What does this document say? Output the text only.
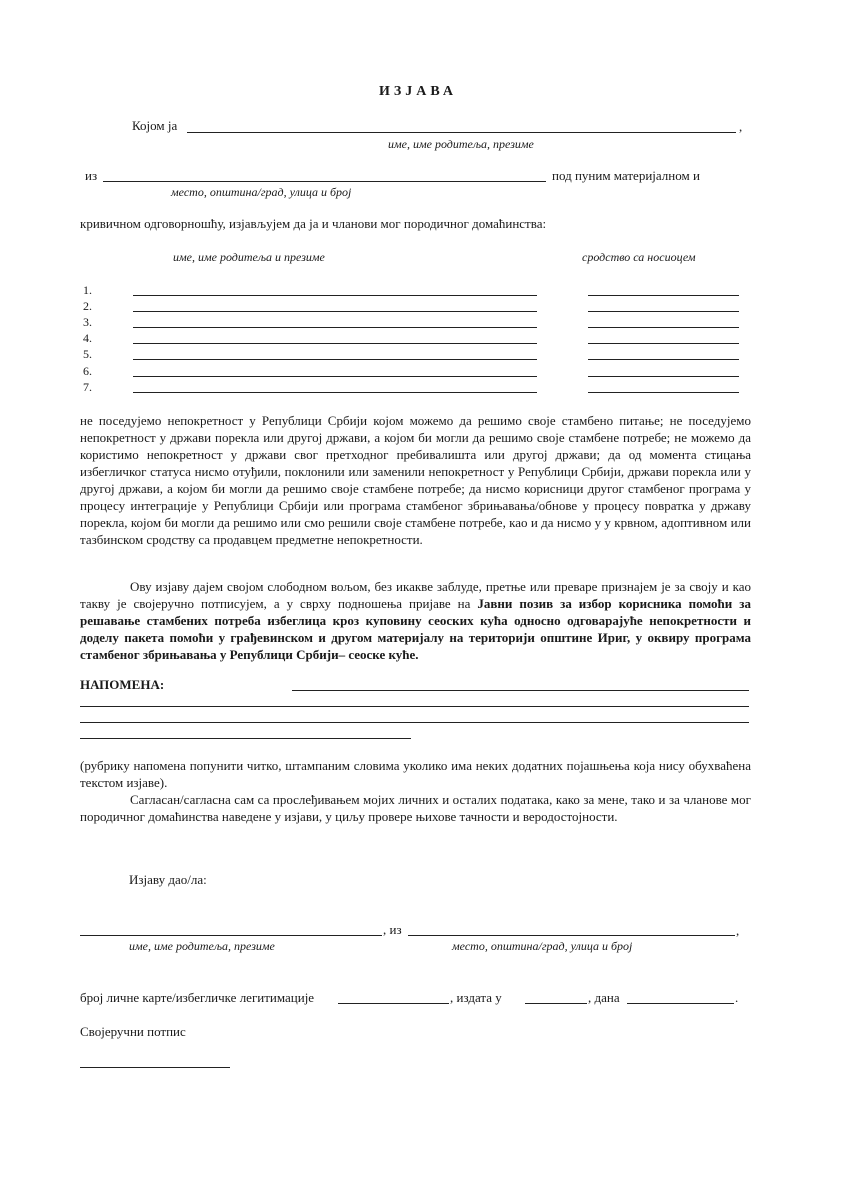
ИЗЈАВА
Којом ја	,
име, име родитеља, презиме
из	под пуним материјалном и
место, општина/град, улица и број
кривичном одговорношћу, изјављујем да ја и чланови мог породичног домаћинства:
име, име родитеља и презиме	сродство са носиоцем
1.
2.
3.
4.
5.
6.
7.

не поседујемо непокретност у Републици Србији којом можемо да решимо своје стамбено питање; не поседујемо непокретност у држави порекла или другој држави, а којом би могли да решимо своје стамбене потребе; не можемо да користимо непокретност у држави свог претходног пребивалишта или другој држави; да од момента стицања избегличког статуса нисмо отуђили, поклонили или заменили непокретност у Републици Србији, држави порекла или у другој држави, а којом би могли да решимо своје стамбене потребе; да нисмо корисници другог стамбеног програма у процесу интеграције у Републици Србији или програма стамбеног збрињавања/обнове у процесу повратка у државу порекла, којом би могли да решимо или смо решили своје стамбене потребе, као и да нисмо у у крвном, адоптивном или тазбинском сродству са продавцем предметне непокретности.

Ову изјаву дајем својом слободном вољом, без икакве заблуде, претње или преваре признајем је за своју и као такву је својеручно потписујем, а у сврху подношења пријаве на Јавни позив за избор корисника помоћи за решавање стамбених потреба избеглица кроз куповину сеоских кућа односно одговарајуће непокретности и доделу пакета помоћи у грађевинском и другом материјалу на територији општине Ириг, у оквиру програма стамбеног збрињавања у Републици Србији– сеоске куће.

НАПОМЕНА:

(рубрику напомена попунити читко, штампаним словима уколико има неких додатних појашњења која нису обухваћена текстом изјаве).

Сагласан/сагласна сам са прослеђивањем мојих личних и осталих података, како за мене, тако и за чланове мог породичног домаћинства наведене у изјави, у циљу провере њихове тачности и веродостојности.

Изјаву дао/ла:
, из	,
име, име родитеља, презиме	место, општина/град, улица и број
број личне карте/избегличке легитимације	, издата у	, дана	.
Својеручни потпис
